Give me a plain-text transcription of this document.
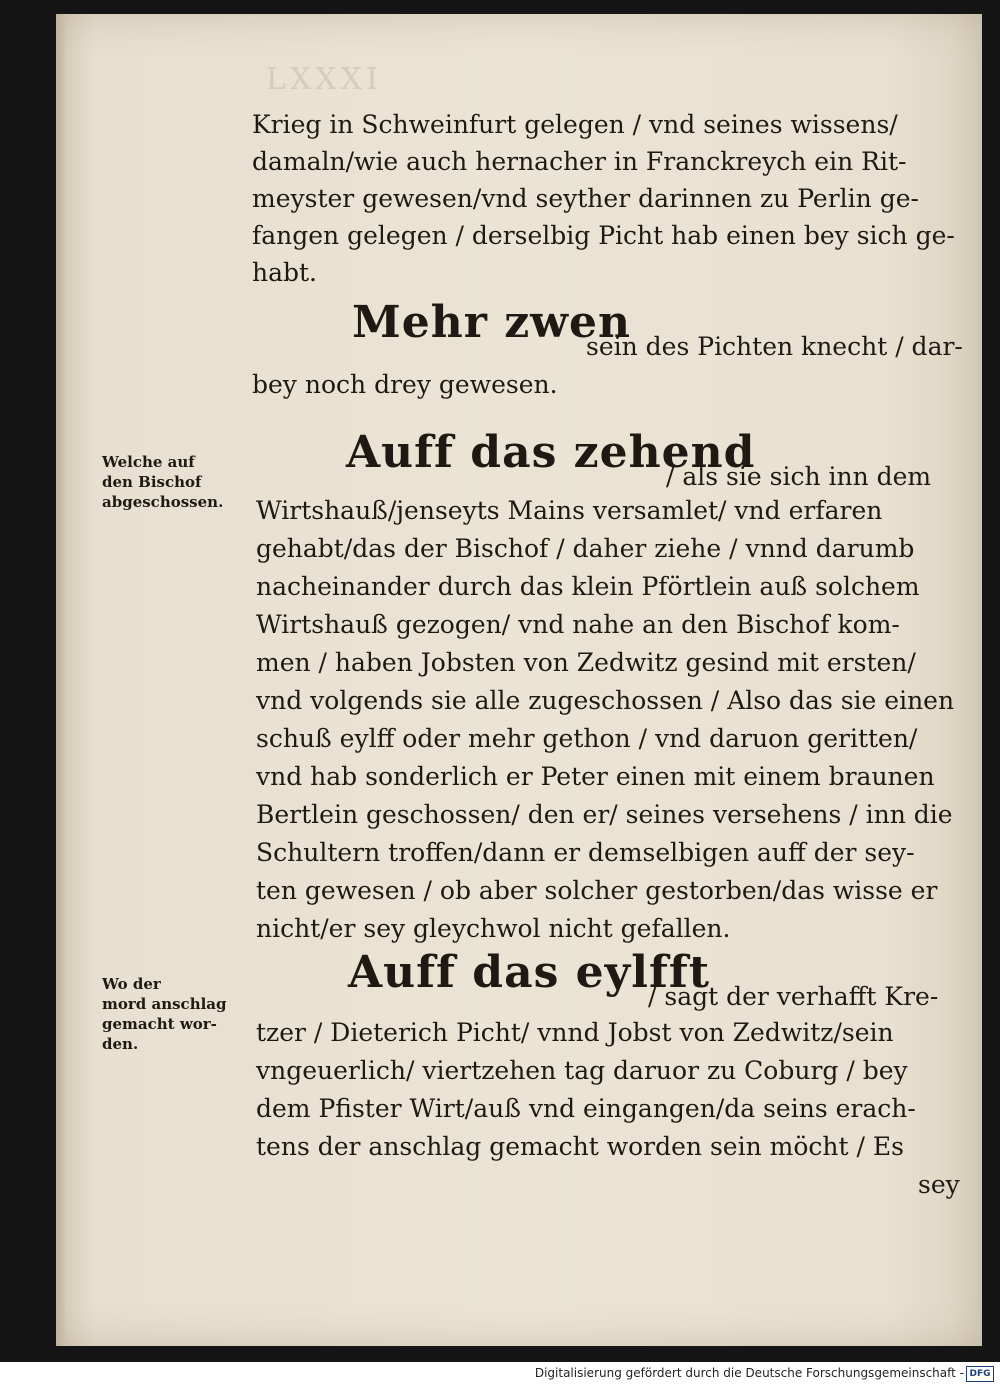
LXXXI
Krieg in Schweinfurt gelegen / vnd seines wissens/
damaln/wie auch hernacher in Franckreych ein Rit-
meyster gewesen/vnd seyther darinnen zu Perlin ge-
fangen gelegen / derselbig Picht hab einen bey sich ge-
habt.
Mehr zwen
sein des Pichten knecht / dar-
bey noch drey gewesen.
Auff das zehend
/ als sie sich inn dem
Wirtshauß/jenseyts Mains versamlet/ vnd erfaren
gehabt/das der Bischof / daher ziehe / vnnd darumb
nacheinander durch das klein Pförtlein auß solchem
Wirtshauß gezogen/ vnd nahe an den Bischof kom-
men / haben Jobsten von Zedwitz gesind mit ersten/
vnd volgends sie alle zugeschossen / Also das sie einen
schuß eylff oder mehr gethon / vnd daruon geritten/
vnd hab sonderlich er Peter einen mit einem braunen
Bertlein geschossen/ den er/ seines versehens / inn die
Schultern troffen/dann er demselbigen auff der sey-
ten gewesen / ob aber solcher gestorben/das wisse er
nicht/er sey gleychwol nicht gefallen.
Auff das eylfft
/ sagt der verhafft Kre-
tzer / Dieterich Picht/ vnnd Jobst von Zedwitz/sein
vngeuerlich/ viertzehen tag daruor zu Coburg / bey
dem Pfister Wirt/auß vnd eingangen/da seins erach-
tens der anschlag gemacht worden sein möcht / Es
sey
Welche auf
den Bischof
abgeschossen.
Wo der
mord anschlag
gemacht wor-
den.
Digitalisierung gefördert durch die Deutsche Forschungsgemeinschaft - DFG
